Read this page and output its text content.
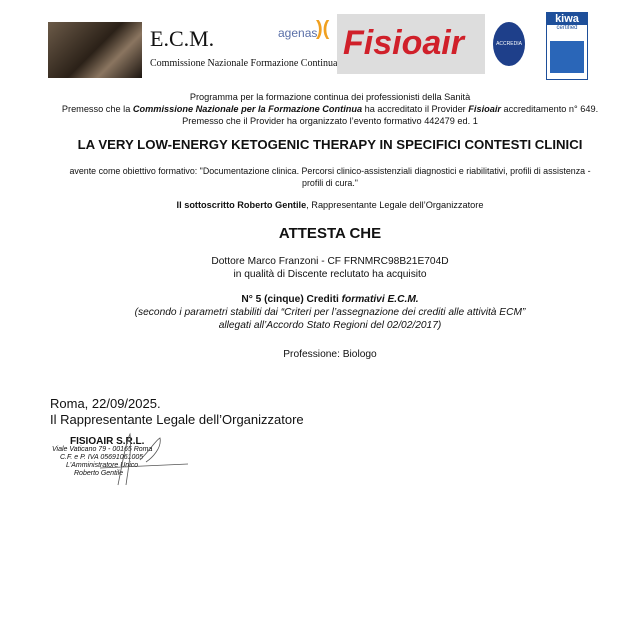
E.C.M.
Commissione Nazionale Formazione Continua
agenas.
)( Fisioair	ACCREDIA
kiwa
certified
Programma per la formazione continua dei professionisti della Sanità
Premesso che la Commissione Nazionale per la Formazione Continua ha accreditato il Provider Fisioair accreditamento n° 649.
Premesso che il Provider ha organizzato l’evento formativo 442479 ed. 1
LA VERY LOW-ENERGY KETOGENIC THERAPY IN SPECIFICI CONTESTI CLINICI
avente come obiettivo formativo: "Documentazione clinica. Percorsi clinico-assistenziali diagnostici e riabilitativi, profili di assistenza -
profili di cura."
Il sottoscritto Roberto Gentile, Rappresentante Legale dell’Organizzatore
ATTESTA CHE
Dottore Marco Franzoni - CF FRNMRC98B21E704D
in qualità di Discente reclutato ha acquisito
N° 5 (cinque) Crediti formativi E.C.M.
(secondo i parametri stabiliti dai “Criteri per l’assegnazione dei crediti alle attività ECM”
allegati all’Accordo Stato Regioni del 02/02/2017)
Professione: Biologo
Roma, 22/09/2025.
Il Rappresentante Legale dell’Organizzatore
FISIOAIR S.R.L.
Viale Vaticano 79 - 00165 Roma
C.F. e P. IVA 05691061005
L'Amministratore Unico
Roberto Gentile
